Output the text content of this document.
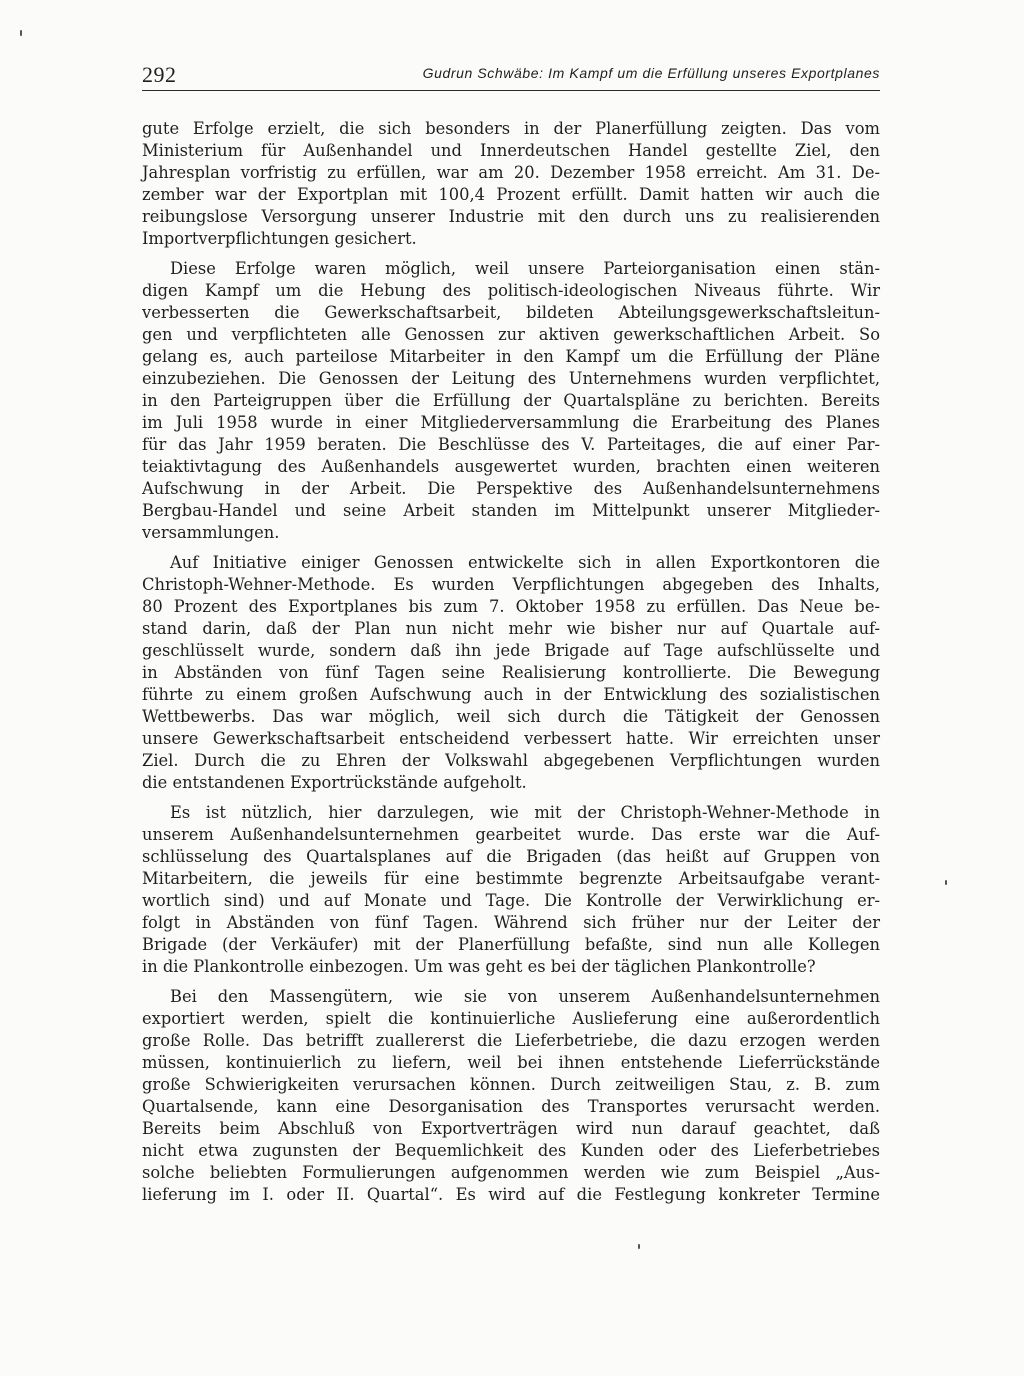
292	Gudrun Schwäbe: Im Kampf um die Erfüllung unseres Exportplanes

gute Erfolge erzielt, die sich besonders in der Planerfüllung zeigten. Das vom
Ministerium für Außenhandel und Innerdeutschen Handel gestellte Ziel, den
Jahresplan vorfristig zu erfüllen, war am 20. Dezember 1958 erreicht. Am 31. De-
zember war der Exportplan mit 100,4 Prozent erfüllt. Damit hatten wir auch die
reibungslose Versorgung unserer Industrie mit den durch uns zu realisierenden
Importverpflichtungen gesichert.

Diese Erfolge waren möglich, weil unsere Parteiorganisation einen stän-
digen Kampf um die Hebung des politisch-ideologischen Niveaus führte. Wir
verbesserten die Gewerkschaftsarbeit, bildeten Abteilungsgewerkschaftsleitun-
gen und verpflichteten alle Genossen zur aktiven gewerkschaftlichen Arbeit. So
gelang es, auch parteilose Mitarbeiter in den Kampf um die Erfüllung der Pläne
einzubeziehen. Die Genossen der Leitung des Unternehmens wurden verpflichtet,
in den Parteigruppen über die Erfüllung der Quartalspläne zu berichten. Bereits
im Juli 1958 wurde in einer Mitgliederversammlung die Erarbeitung des Planes
für das Jahr 1959 beraten. Die Beschlüsse des V. Parteitages, die auf einer Par-
teiaktivtagung des Außenhandels ausgewertet wurden, brachten einen weiteren
Aufschwung in der Arbeit. Die Perspektive des Außenhandelsunternehmens
Bergbau-Handel und seine Arbeit standen im Mittelpunkt unserer Mitglieder-
versammlungen.

Auf Initiative einiger Genossen entwickelte sich in allen Exportkontoren die
Christoph-Wehner-Methode. Es wurden Verpflichtungen abgegeben des Inhalts,
80 Prozent des Exportplanes bis zum 7. Oktober 1958 zu erfüllen. Das Neue be-
stand darin, daß der Plan nun nicht mehr wie bisher nur auf Quartale auf-
geschlüsselt wurde, sondern daß ihn jede Brigade auf Tage aufschlüsselte und
in Abständen von fünf Tagen seine Realisierung kontrollierte. Die Bewegung
führte zu einem großen Aufschwung auch in der Entwicklung des sozialistischen
Wettbewerbs. Das war möglich, weil sich durch die Tätigkeit der Genossen
unsere Gewerkschaftsarbeit entscheidend verbessert hatte. Wir erreichten unser
Ziel. Durch die zu Ehren der Volkswahl abgegebenen Verpflichtungen wurden
die entstandenen Exportrückstände aufgeholt.

Es ist nützlich, hier darzulegen, wie mit der Christoph-Wehner-Methode in
unserem Außenhandelsunternehmen gearbeitet wurde. Das erste war die Auf-
schlüsselung des Quartalsplanes auf die Brigaden (das heißt auf Gruppen von
Mitarbeitern, die jeweils für eine bestimmte begrenzte Arbeitsaufgabe verant-
wortlich sind) und auf Monate und Tage. Die Kontrolle der Verwirklichung er-
folgt in Abständen von fünf Tagen. Während sich früher nur der Leiter der
Brigade (der Verkäufer) mit der Planerfüllung befaßte, sind nun alle Kollegen
in die Plankontrolle einbezogen. Um was geht es bei der täglichen Plankontrolle?

Bei den Massengütern, wie sie von unserem Außenhandelsunternehmen
exportiert werden, spielt die kontinuierliche Auslieferung eine außerordentlich
große Rolle. Das betrifft zuallererst die Lieferbetriebe, die dazu erzogen werden
müssen, kontinuierlich zu liefern, weil bei ihnen entstehende Lieferrückstände
große Schwierigkeiten verursachen können. Durch zeitweiligen Stau, z. B. zum
Quartalsende, kann eine Desorganisation des Transportes verursacht werden.
Bereits beim Abschluß von Exportverträgen wird nun darauf geachtet, daß
nicht etwa zugunsten der Bequemlichkeit des Kunden oder des Lieferbetriebes
solche beliebten Formulierungen aufgenommen werden wie zum Beispiel „Aus-
lieferung im I. oder II. Quartal“. Es wird auf die Festlegung konkreter Termine
